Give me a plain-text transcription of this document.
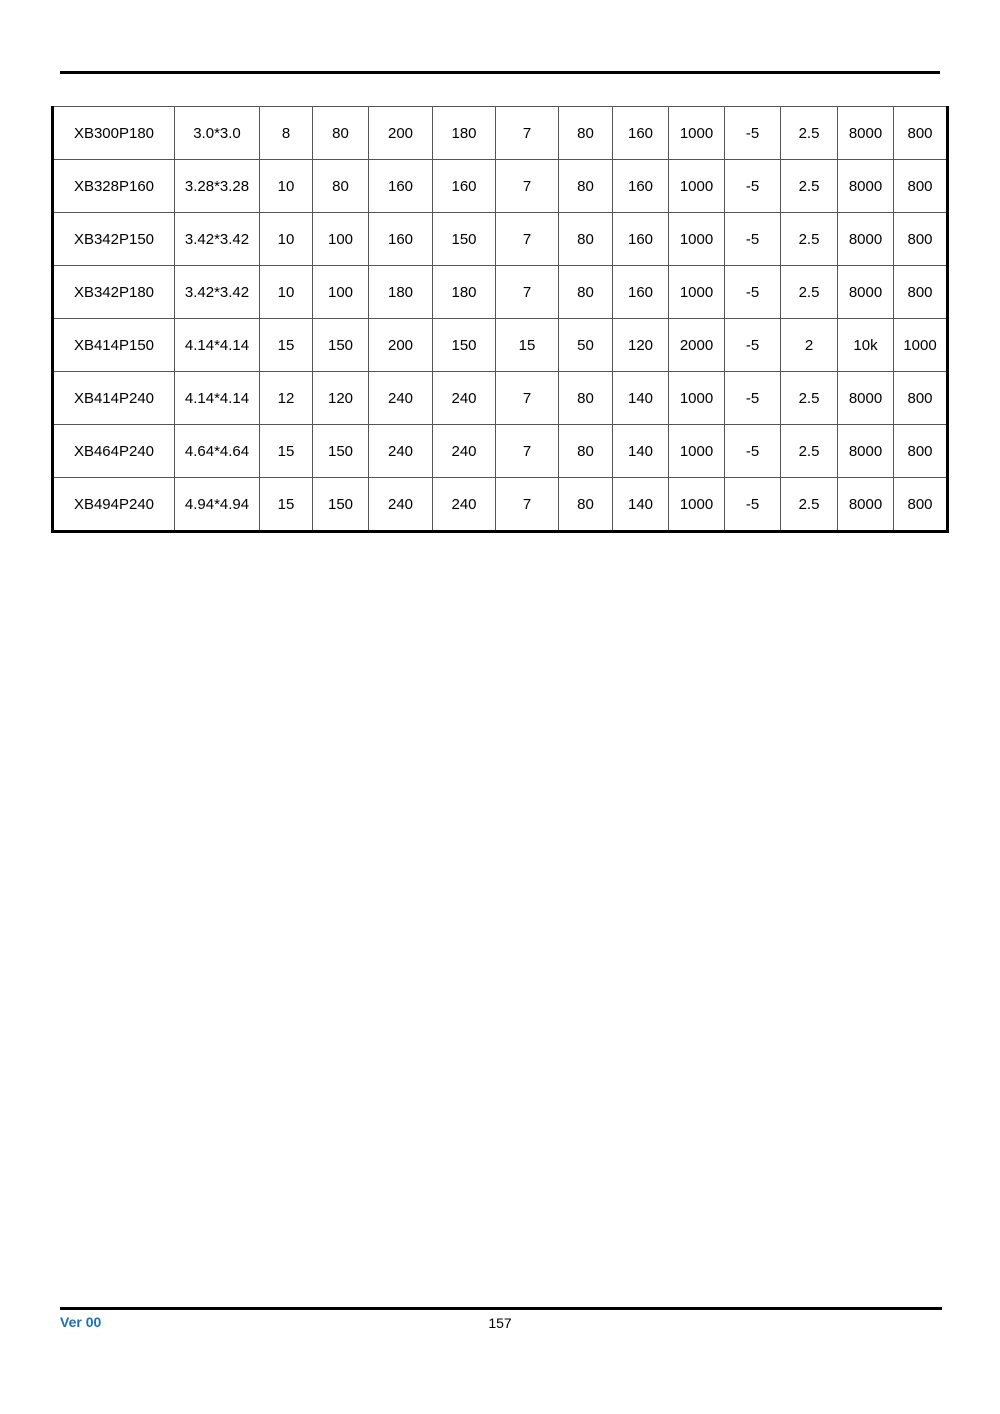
XB300P180	3.0*3.0	8	80	200	180	7	80	160	1000	-5	2.5	8000	800
XB328P160	3.28*3.28	10	80	160	160	7	80	160	1000	-5	2.5	8000	800
XB342P150	3.42*3.42	10	100	160	150	7	80	160	1000	-5	2.5	8000	800
XB342P180	3.42*3.42	10	100	180	180	7	80	160	1000	-5	2.5	8000	800
XB414P150	4.14*4.14	15	150	200	150	15	50	120	2000	-5	2	10k	1000
XB414P240	4.14*4.14	12	120	240	240	7	80	140	1000	-5	2.5	8000	800
XB464P240	4.64*4.64	15	150	240	240	7	80	140	1000	-5	2.5	8000	800
XB494P240	4.94*4.94	15	150	240	240	7	80	140	1000	-5	2.5	8000	800
Ver 00	157
